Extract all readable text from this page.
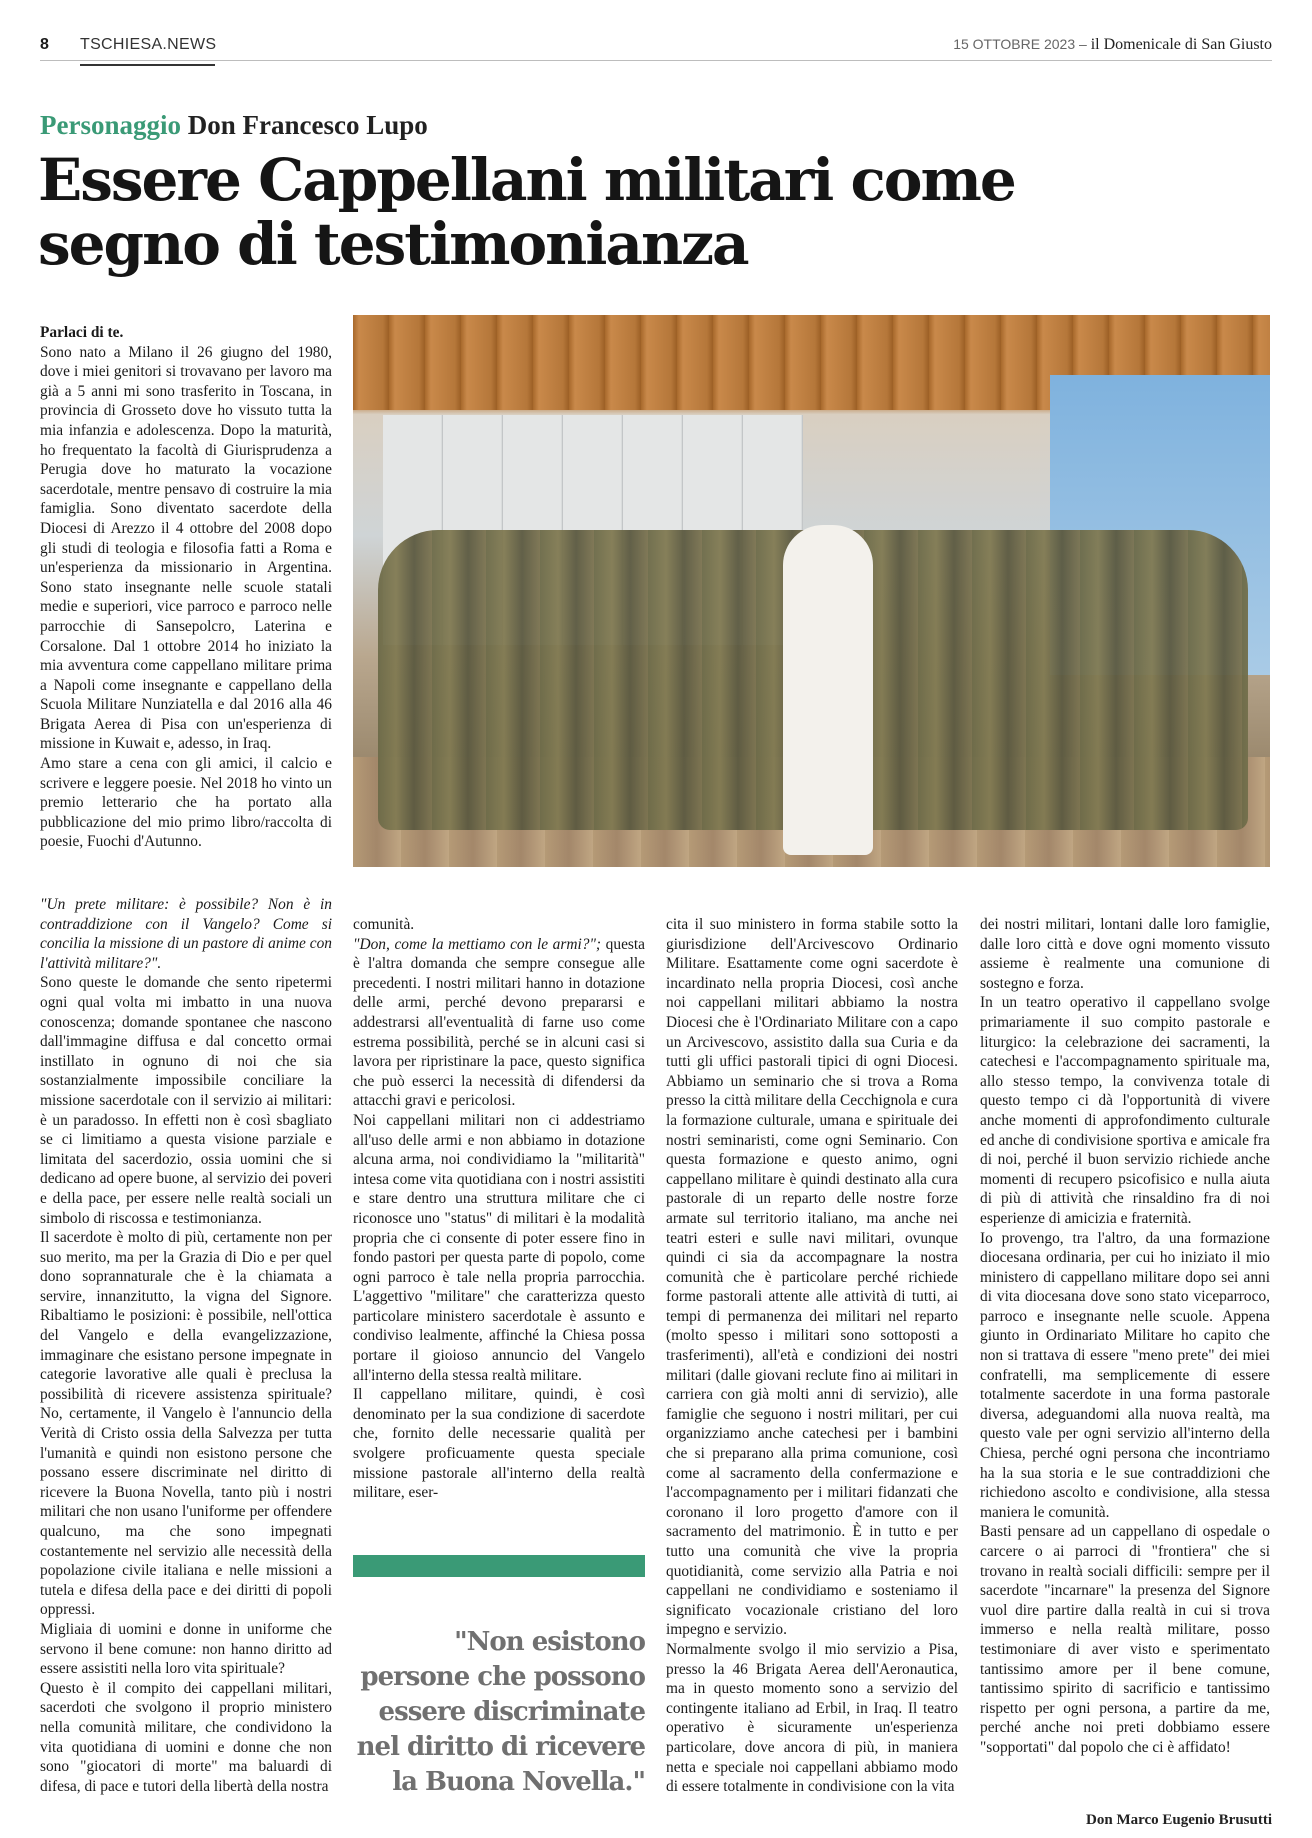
8 TSCHIESA.NEWS	15 OTTOBRE 2023 – il Domenicale di San Giusto
Personaggio Don Francesco Lupo
Essere Cappellani militari come segno di testimonianza

Parlaci di te.

Sono nato a Milano il 26 giugno del 1980, dove i miei genitori si trovavano per lavoro ma già a 5 anni mi sono trasferito in Toscana, in provincia di Grosseto dove ho vissuto tutta la mia infanzia e adolescenza. Dopo la maturità, ho frequentato la facoltà di Giurisprudenza a Perugia dove ho maturato la vocazione sacerdotale, mentre pensavo di costruire la mia famiglia. Sono diventato sacerdote della Diocesi di Arezzo il 4 ottobre del 2008 dopo gli studi di teologia e filosofia fatti a Roma e un'esperienza da missionario in Argentina. Sono stato insegnante nelle scuole statali medie e superiori, vice parroco e parroco nelle parrocchie di Sansepolcro, Laterina e Corsalone. Dal 1 ottobre 2014 ho iniziato la mia avventura come cappellano militare prima a Napoli come insegnante e cappellano della Scuola Militare Nunziatella e dal 2016 alla 46 Brigata Aerea di Pisa con un'esperienza di missione in Kuwait e, adesso, in Iraq.

Amo stare a cena con gli amici, il calcio e scrivere e leggere poesie. Nel 2018 ho vinto un premio letterario che ha portato alla pubblicazione del mio primo libro/raccolta di poesie, Fuochi d'Autunno.

"Un prete militare: è possibile? Non è in contraddizione con il Vangelo? Come si concilia la missione di un pastore di anime con l'attività militare?".

Sono queste le domande che sento ripetermi ogni qual volta mi imbatto in una nuova conoscenza; domande spontanee che nascono dall'immagine diffusa e dal concetto ormai instillato in ognuno di noi che sia sostanzialmente impossibile conciliare la missione sacerdotale con il servizio ai militari: è un paradosso. In effetti non è così sbagliato se ci limitiamo a questa visione parziale e limitata del sacerdozio, ossia uomini che si dedicano ad opere buone, al servizio dei poveri e della pace, per essere nelle realtà sociali un simbolo di riscossa e testimonianza.

Il sacerdote è molto di più, certamente non per suo merito, ma per la Grazia di Dio e per quel dono soprannaturale che è la chiamata a servire, innanzitutto, la vigna del Signore. Ribaltiamo le posizioni: è possibile, nell'ottica del Vangelo e della evangelizzazione, immaginare che esistano persone impegnate in categorie lavorative alle quali è preclusa la possibilità di ricevere assistenza spirituale? No, certamente, il Vangelo è l'annuncio della Verità di Cristo ossia della Salvezza per tutta l'umanità e quindi non esistono persone che possano essere discriminate nel diritto di ricevere la Buona Novella, tanto più i nostri militari che non usano l'uniforme per offendere qualcuno, ma che sono impegnati costantemente nel servizio alle necessità della popolazione civile italiana e nelle missioni a tutela e difesa della pace e dei diritti di popoli oppressi.

Migliaia di uomini e donne in uniforme che servono il bene comune: non hanno diritto ad essere assistiti nella loro vita spirituale?

Questo è il compito dei cappellani militari, sacerdoti che svolgono il proprio ministero nella comunità militare, che condividono la vita quotidiana di uomini e donne che non sono "giocatori di morte" ma baluardi di difesa, di pace e tutori della libertà della nostra

comunità.

"Don, come la mettiamo con le armi?"; questa è l'altra domanda che sempre consegue alle precedenti. I nostri militari hanno in dotazione delle armi, perché devono prepararsi e addestrarsi all'eventualità di farne uso come estrema possibilità, perché se in alcuni casi si lavora per ripristinare la pace, questo significa che può esserci la necessità di difendersi da attacchi gravi e pericolosi.

Noi cappellani militari non ci addestriamo all'uso delle armi e non abbiamo in dotazione alcuna arma, noi condividiamo la "militarità" intesa come vita quotidiana con i nostri assistiti e stare dentro una struttura militare che ci riconosce uno "status" di militari è la modalità propria che ci consente di poter essere fino in fondo pastori per questa parte di popolo, come ogni parroco è tale nella propria parrocchia. L'aggettivo "militare" che caratterizza questo particolare ministero sacerdotale è assunto e condiviso lealmente, affinché la Chiesa possa portare il gioioso annuncio del Vangelo all'interno della stessa realtà militare.

Il cappellano militare, quindi, è così denominato per la sua condizione di sacerdote che, fornito delle necessarie qualità per svolgere proficuamente questa speciale missione pastorale all'interno della realtà militare, eser-

"Non esistono persone che possono essere discriminate nel diritto di ricevere la Buona Novella."

cita il suo ministero in forma stabile sotto la giurisdizione dell'Arcivescovo Ordinario Militare. Esattamente come ogni sacerdote è incardinato nella propria Diocesi, così anche noi cappellani militari abbiamo la nostra Diocesi che è l'Ordinariato Militare con a capo un Arcivescovo, assistito dalla sua Curia e da tutti gli uffici pastorali tipici di ogni Diocesi. Abbiamo un seminario che si trova a Roma presso la città militare della Cecchignola e cura la formazione culturale, umana e spirituale dei nostri seminaristi, come ogni Seminario. Con questa formazione e questo animo, ogni cappellano militare è quindi destinato alla cura pastorale di un reparto delle nostre forze armate sul territorio italiano, ma anche nei teatri esteri e sulle navi militari, ovunque quindi ci sia da accompagnare la nostra comunità che è particolare perché richiede forme pastorali attente alle attività di tutti, ai tempi di permanenza dei militari nel reparto (molto spesso i militari sono sottoposti a trasferimenti), all'età e condizioni dei nostri militari (dalle giovani reclute fino ai militari in carriera con già molti anni di servizio), alle famiglie che seguono i nostri militari, per cui organizziamo anche catechesi per i bambini che si preparano alla prima comunione, così come al sacramento della confermazione e l'accompagnamento per i militari fidanzati che coronano il loro progetto d'amore con il sacramento del matrimonio. È in tutto e per tutto una comunità che vive la propria quotidianità, come servizio alla Patria e noi cappellani ne condividiamo e sosteniamo il significato vocazionale cristiano del loro impegno e servizio.

Normalmente svolgo il mio servizio a Pisa, presso la 46 Brigata Aerea dell'Aeronautica, ma in questo momento sono a servizio del contingente italiano ad Erbil, in Iraq. Il teatro operativo è sicuramente un'esperienza particolare, dove ancora di più, in maniera netta e speciale noi cappellani abbiamo modo di essere totalmente in condivisione con la vita

dei nostri militari, lontani dalle loro famiglie, dalle loro città e dove ogni momento vissuto assieme è realmente una comunione di sostegno e forza.

In un teatro operativo il cappellano svolge primariamente il suo compito pastorale e liturgico: la celebrazione dei sacramenti, la catechesi e l'accompagnamento spirituale ma, allo stesso tempo, la convivenza totale di questo tempo ci dà l'opportunità di vivere anche momenti di approfondimento culturale ed anche di condivisione sportiva e amicale fra di noi, perché il buon servizio richiede anche momenti di recupero psicofisico e nulla aiuta di più di attività che rinsaldino fra di noi esperienze di amicizia e fraternità.

Io provengo, tra l'altro, da una formazione diocesana ordinaria, per cui ho iniziato il mio ministero di cappellano militare dopo sei anni di vita diocesana dove sono stato viceparroco, parroco e insegnante nelle scuole. Appena giunto in Ordinariato Militare ho capito che non si trattava di essere "meno prete" dei miei confratelli, ma semplicemente di essere totalmente sacerdote in una forma pastorale diversa, adeguandomi alla nuova realtà, ma questo vale per ogni servizio all'interno della Chiesa, perché ogni persona che incontriamo ha la sua storia e le sue contraddizioni che richiedono ascolto e condivisione, alla stessa maniera le comunità.

Basti pensare ad un cappellano di ospedale o carcere o ai parroci di "frontiera" che si trovano in realtà sociali difficili: sempre per il sacerdote "incarnare" la presenza del Signore vuol dire partire dalla realtà in cui si trova immerso e nella realtà militare, posso testimoniare di aver visto e sperimentato tantissimo amore per il bene comune, tantissimo spirito di sacrificio e tantissimo rispetto per ogni persona, a partire da me, perché anche noi preti dobbiamo essere "sopportati" dal popolo che ci è affidato!

Don Marco Eugenio Brusutti
